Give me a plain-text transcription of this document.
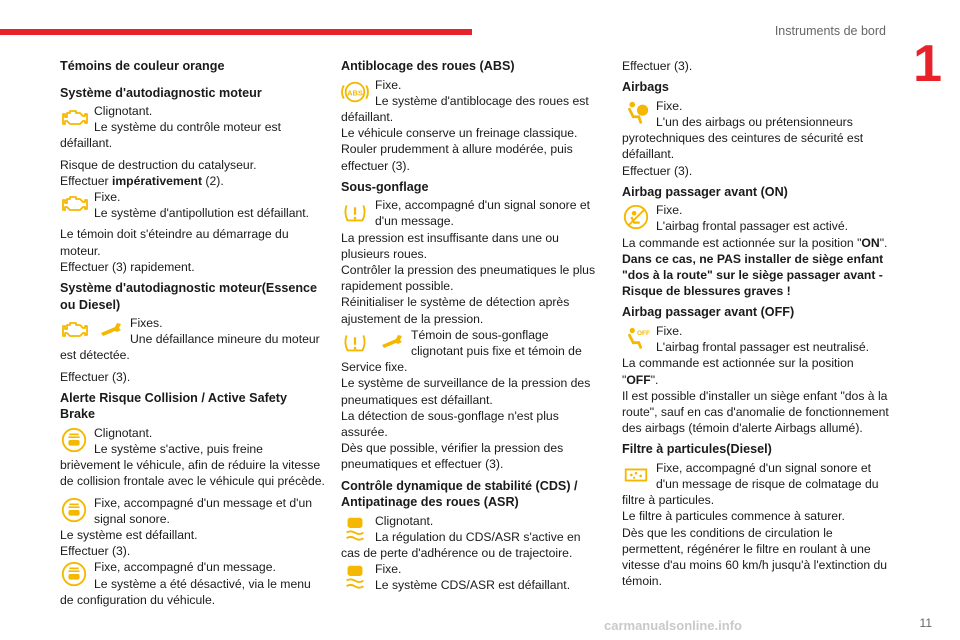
Instruments de bord
1
Témoins de couleur orange
Système d'autodiagnostic moteur

Clignotant.

Le système du contrôle moteur est défaillant.

Risque de destruction du catalyseur.

Effectuer impérativement (2).

Fixe.

Le système d'antipollution est défaillant.

Le témoin doit s'éteindre au démarrage du moteur.

Effectuer (3) rapidement.

Système d'autodiagnostic moteur(Essence ou Diesel)

Fixes.

Une défaillance mineure du moteur est détectée.

Effectuer (3).

Alerte Risque Collision / Active Safety Brake

Clignotant.

Le système s'active, puis freine brièvement le véhicule, afin de réduire la vitesse de collision frontale avec le véhicule qui précède.

Fixe, accompagné d'un message et d'un signal sonore.

Le système est défaillant.

Effectuer (3).

Fixe, accompagné d'un message.

Le système a été désactivé, via le menu de configuration du véhicule.

Antiblocage des roues (ABS)

Fixe.

Le système d'antiblocage des roues est défaillant.

Le véhicule conserve un freinage classique.

Rouler prudemment à allure modérée, puis effectuer (3).

Sous-gonflage

Fixe, accompagné d'un signal sonore et d'un message.

La pression est insuffisante dans une ou plusieurs roues.

Contrôler la pression des pneumatiques le plus rapidement possible.

Réinitialiser le système de détection après ajustement de la pression.

Témoin de sous-gonflage clignotant puis fixe et témoin de Service fixe.

Le système de surveillance de la pression des pneumatiques est défaillant.

La détection de sous-gonflage n'est plus assurée.

Dès que possible, vérifier la pression des pneumatiques et effectuer (3).

Contrôle dynamique de stabilité (CDS) / Antipatinage des roues (ASR)

Clignotant.

La régulation du CDS/ASR s'active en cas de perte d'adhérence ou de trajectoire.

Fixe.

Le système CDS/ASR est défaillant.

Effectuer (3).

Airbags

Fixe.

L'un des airbags ou prétensionneurs pyrotechniques des ceintures de sécurité est défaillant.

Effectuer (3).

Airbag passager avant (ON)

Fixe.

L'airbag frontal passager est activé.

La commande est actionnée sur la position "ON".

Dans ce cas, ne PAS installer de siège enfant "dos à la route" sur le siège passager avant - Risque de blessures graves !

Airbag passager avant (OFF)

Fixe.

L'airbag frontal passager est neutralisé.

La commande est actionnée sur la position "OFF".

Il est possible d'installer un siège enfant "dos à la route", sauf en cas d'anomalie de fonctionnement des airbags (témoin d'alerte Airbags allumé).

Filtre à particules(Diesel)

Fixe, accompagné d'un signal sonore et d'un message de risque de colmatage du filtre à particules.

Le filtre à particules commence à saturer.

Dès que les conditions de circulation le permettent, régénérer le filtre en roulant à une vitesse d'au moins 60 km/h jusqu'à l'extinction du témoin.

11
carmanualsonline.info
